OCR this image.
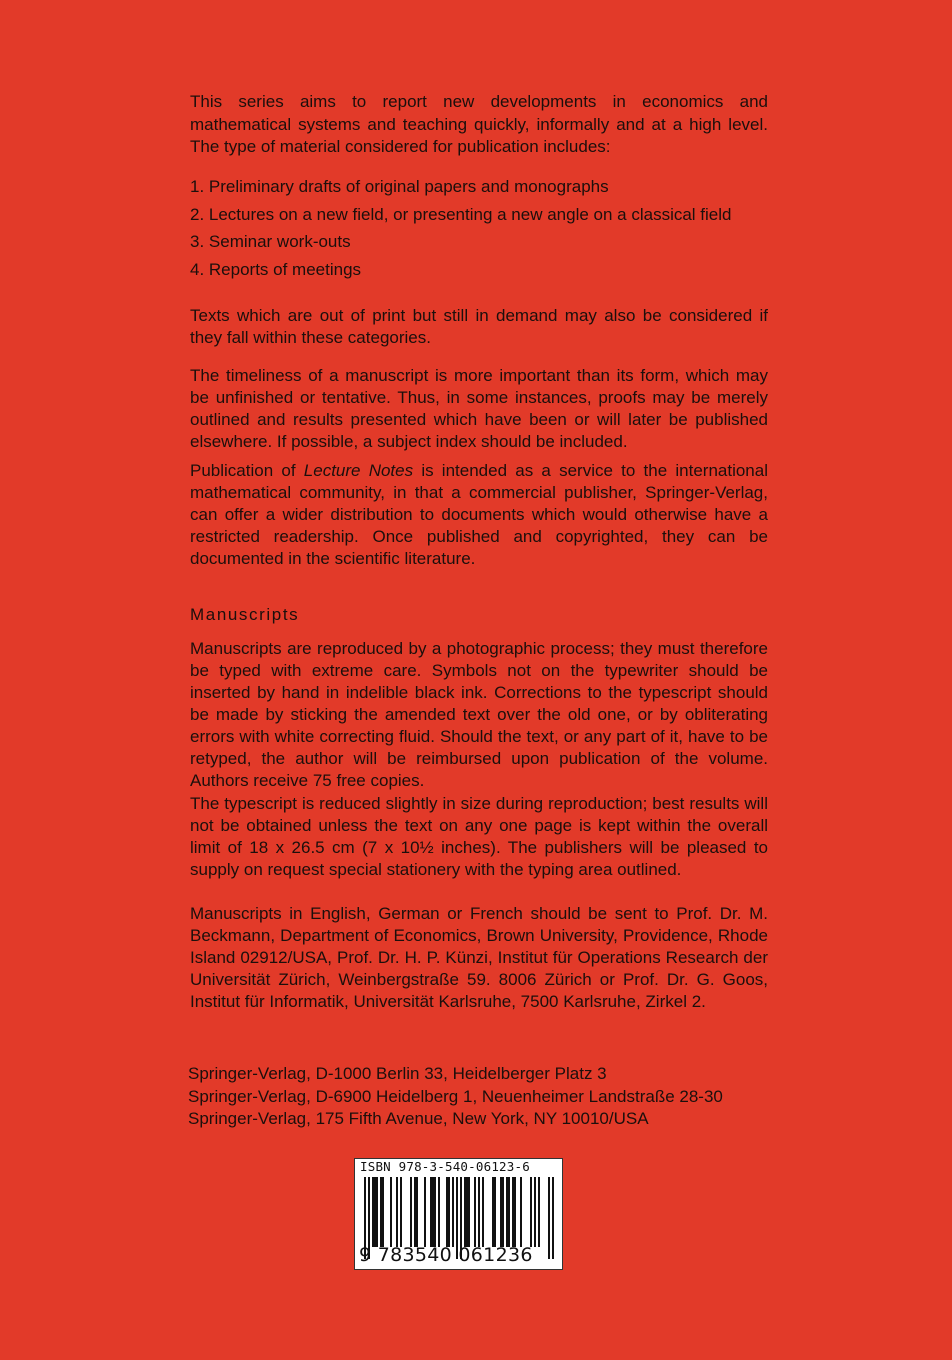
This series aims to report new developments in economics and mathematical systems and teaching quickly, informally and at a high level. The type of material considered for publication includes:

1. Preliminary drafts of original papers and monographs
2. Lectures on a new field, or presenting a new angle on a classical field
3. Seminar work-outs
4. Reports of meetings

Texts which are out of print but still in demand may also be considered if they fall within these categories.

The timeliness of a manuscript is more important than its form, which may be unfinished or tentative. Thus, in some instances, proofs may be merely outlined and results presented which have been or will later be published elsewhere. If possible, a subject index should be included.

Publication of Lecture Notes is intended as a service to the international mathematical community, in that a commercial publisher, Springer-Verlag, can offer a wider distribution to documents which would otherwise have a restricted readership. Once published and copyrighted, they can be documented in the scientific literature.

Manuscripts

Manuscripts are reproduced by a photographic process; they must therefore be typed with extreme care. Symbols not on the typewriter should be inserted by hand in indelible black ink. Corrections to the typescript should be made by sticking the amended text over the old one, or by obliterating errors with white correcting fluid. Should the text, or any part of it, have to be retyped, the author will be reimbursed upon publication of the volume. Authors receive 75 free copies.

The typescript is reduced slightly in size during reproduction; best results will not be obtained unless the text on any one page is kept within the overall limit of 18 x 26.5 cm (7 x 10½ inches). The publishers will be pleased to supply on request special stationery with the typing area outlined.

Manuscripts in English, German or French should be sent to Prof. Dr. M. Beckmann, Department of Economics, Brown University, Providence, Rhode Island 02912/USA, Prof. Dr. H. P. Künzi, Institut für Operations Research der Universität Zürich, Weinbergstraße 59. 8006 Zürich or Prof. Dr. G. Goos, Institut für Informatik, Universität Karlsruhe, 7500 Karlsruhe, Zirkel 2.

Springer-Verlag, D-1000 Berlin 33, Heidelberger Platz 3
Springer-Verlag, D-6900 Heidelberg 1, Neuenheimer Landstraße 28-30
Springer-Verlag, 175 Fifth Avenue, New York, NY 10010/USA
ISBN 978-3-540-06123-6
9 783540 061236
